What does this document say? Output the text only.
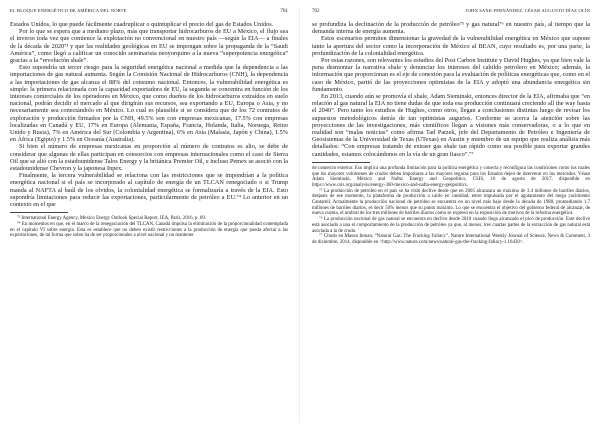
EL BLOQUE ENERGÉTICO DE AMÉRICA DEL NORTE	701

Estados Unidos, lo que puede fácilmente cuadruplicar o quintuplicar el precio del gas de Estados Unidos.

Por lo que se espera que a mediano plazo, más que transportar hidrocarburos de EU a México, el flujo sea el inverso toda vez que comience la explotación no convencional en nuestro país —según la EIA— a finales de la década de 2020⁷³ y que las realidades geológicas en EU se impongan sobre la propaganda de la “Saudi América”, como llegó a calificar un conocido seminarista neoyorquino a la nueva “superpotencia energética” gracias a la “revolución shale”.

Esto supondría un tercer riesgo para la seguridad energética nacional a medida que la dependencia a las importaciones de gas natural aumenta. Según la Comisión Nacional de Hidrocarburos (CNH), la dependencia a las importaciones de gas alcanza el 88% del consumo nacional. Entonces, la vulnerabilidad energética es simple: la primera relacionada con la capacidad exportadora de EU, la segunda se concentra en función de los intereses comerciales de los operadores en México, que como dueños de los hidrocarburos extraídos en suelo nacional, podrán decidir el mercado al que dirigirán sus recursos, sea exportando a EU, Europa o Asia, y no necesariamente sea conectándolo en México. Lo cual es plausible si se considera que de los 72 contratos de exploración y producción firmados por la CNH, 49.5% son con empresas mexicanas, 17.5% con empresas localizadas en Canadá y EU, 17% en Europa (Alemania, España, Francia, Holanda, Italia, Noruega, Reino Unido y Rusia), 7% en América del Sur (Colombia y Argentina), 6% en Asia (Malasia, Japón y China), 1.5% en África (Egipto) y 1.5% en Oceanía (Australia).

Si bien el número de empresas mexicanas en proporción al número de contratos es alto, se debe de considerar que algunas de ellas participan en consorcios con empresas internacionales como el caso de Sierra Oil que se alió con la estadounidense Talos Energy y la británica Premier Oil, e incluso Pemex se asoció con la estadounidense Chevron y la japonesa Inpex.

Finalmente, la tercera vulnerabilidad se relaciona con las restricciones que se impondrían a la política energética nacional si el país se incorporado al capítulo de energía de un TLCAN renegociado o si Trump manda al NAFTA al baúl de los olvidos, la colonialidad energética se formalizaría a través de la EIA. Esto supondría limitaciones para reducir las exportaciones, particularmente de petróleo a EU.⁷⁴ Lo anterior en un contexto en el que

⁷³ International Energy Agency, Mexico Energy Outlook Special Report, IEA, París, 2016, p. 69.

⁷⁴ En momentos en que, en el marco de la renegociación del TLCAN, Canadá impulsa la eliminación de la proporcionalidad contemplada en el capítulo VI sobre energía. Esta es establece que no deben existir restricciones a la producción de energía que pueda afectar a las exportaciones, de tal forma que sobre ha de ser proporcionales a nivel nacional y no mantener

702	JOHN SAXE-FERNÁNDEZ, CÉSAR AUGUSTO DÍAZ OLÍN

se profundiza la declinación de la producción de petróleo⁷⁵ y gas natural⁷⁶ en nuestro país, al tiempo que la demanda interna de energía aumenta.

Estos escenarios permiten dimensionar la gravedad de la vulnerabilidad energética en México que supone tanto la apertura del sector como la incorporación de México al BEAN, cuyo resultado es, por una parte, la profundización de la colonialidad energética.

Por estas razones, son relevantes los estudios del Post Carbon Institute y David Hughes, ya que bien vale la pena desmontar la narrativa shale y denunciar los intereses del cabildo petrolero en México; además, la información que proporcionan es el eje de conexión para la evaluación de políticas energéticas que, como en el caso de México, partió de las proyecciones optimistas de la EIA y adoptó una abundancia energética sin fundamento.

En 2013, cuando aún se promovía el shale, Adam Sieminski, entonces director de la EIA, afirmaba que “en relación al gas natural la EIA no tiene dudas de que toda esa producción continuará creciendo all the way hasta el 2040”. Pero tanto los estudios de Hughes, como otros, llegan a conclusiones distintas luego de revisar los supuestos metodológicos detrás de tan optimistas augurios. Conforme se acerca la atención sobre las proyecciones de las investigaciones, más científicos llegan a visiones más conservadoras, o a lo que en realidad son “malas noticias” como afirma Tad Patzek, jefe del Departamento de Petróleo e Ingeniería de Geosistemas de la Universidad de Texas (UTexas) en Austin y miembro de un equipo que realiza análisis más detallados: “Con empresas tratando de extraer gas shale tan rápido como sea posible para exportar grandes cantidades, estamos colocándonos en la vía de un gran fiasco”.⁷⁷

de comercio exterior. Eso implica una profunda limitación para la política energética y conecta y reconfigura las condiciones como los cuales que los mayores volúmenes de crudos deben importarse a las mayores seguras para los Estados dejen de intervenir en los mercados. Véase Adam Sieminski, México and Nafta: Energy and Geopolitics, CSIS, 16 de agosto de 2017, disponible en https://www.csis.org/analysis/energy-360-mexico-and-nafta-energy-geopolitics.

⁷⁵ La producción de petróleo en el país se ha visto declive desde que en 2005 alcanzara un máximo de 3.4 millones de barriles diarios, después de ese momento, la plataforma de producción a caído en cantidad, entre impulsada por el agotamiento del mega yacimiento Cantarell. Actualmente la producción nacional de petróleo se encuentra en un nivel más bajo desde la década de 1980, promediando 1.7 millones de barriles diarios, es decir 50% menos que su punto máximo. Lo que se encuentra el objetivo del gobierno federal de alcanzar, de nueva cuenta, el umbral de los tres millones de barriles diarios como se expresó en la exposición de motivos de la reforma energética.

⁷⁶ La producción nacional de gas natural se encuentra en declive desde 2010 cuando llega alcanzado el pico de producción. Este declive está asociado a una el comportamiento de la producción de petróleo ya que, al menos, tres cuartas partes de la extracción de gas natural está asociada a la de crudo.

⁷⁷ Citado en Mason Inman, “Natural Gas: The Fracking Fallacy”, Nature International Weekly Journal of Science, News & Comment, 3 de diciembre, 2014, disponible en <http://www.nature.com/news/natural-gas-the-fracking-fallacy-1.16430>.
